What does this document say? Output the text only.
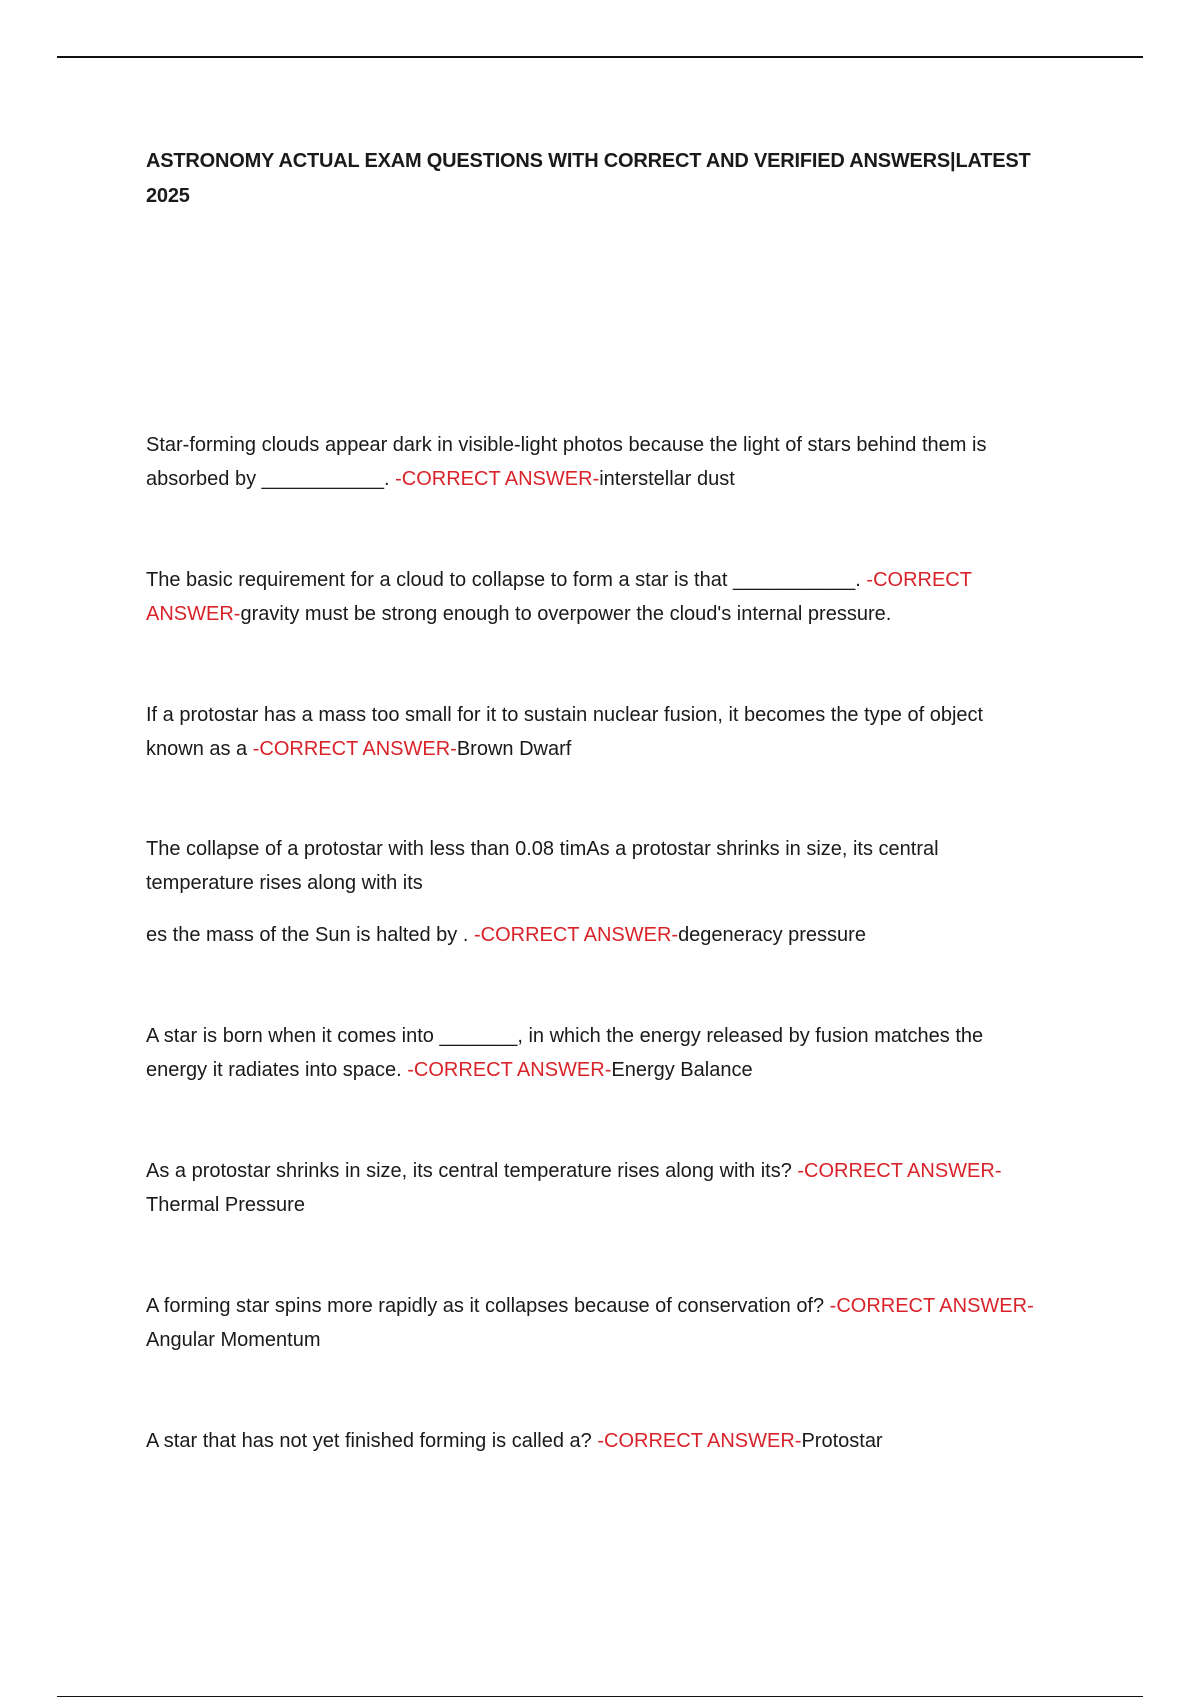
ASTRONOMY ACTUAL EXAM QUESTIONS WITH CORRECT AND VERIFIED ANSWERS|LATEST 2025

Star-forming clouds appear dark in visible-light photos because the light of stars behind them is absorbed by ___________. -CORRECT ANSWER-interstellar dust

The basic requirement for a cloud to collapse to form a star is that ___________. -CORRECT ANSWER-gravity must be strong enough to overpower the cloud's internal pressure.

If a protostar has a mass too small for it to sustain nuclear fusion, it becomes the type of object known as a -CORRECT ANSWER-Brown Dwarf

The collapse of a protostar with less than 0.08 timAs a protostar shrinks in size, its central temperature rises along with its

es the mass of the Sun is halted by . -CORRECT ANSWER-degeneracy pressure

A star is born when it comes into _______, in which the energy released by fusion matches the energy it radiates into space. -CORRECT ANSWER-Energy Balance

As a protostar shrinks in size, its central temperature rises along with its? -CORRECT ANSWER-Thermal Pressure

A forming star spins more rapidly as it collapses because of conservation of? -CORRECT ANSWER-Angular Momentum

A star that has not yet finished forming is called a? -CORRECT ANSWER-Protostar
